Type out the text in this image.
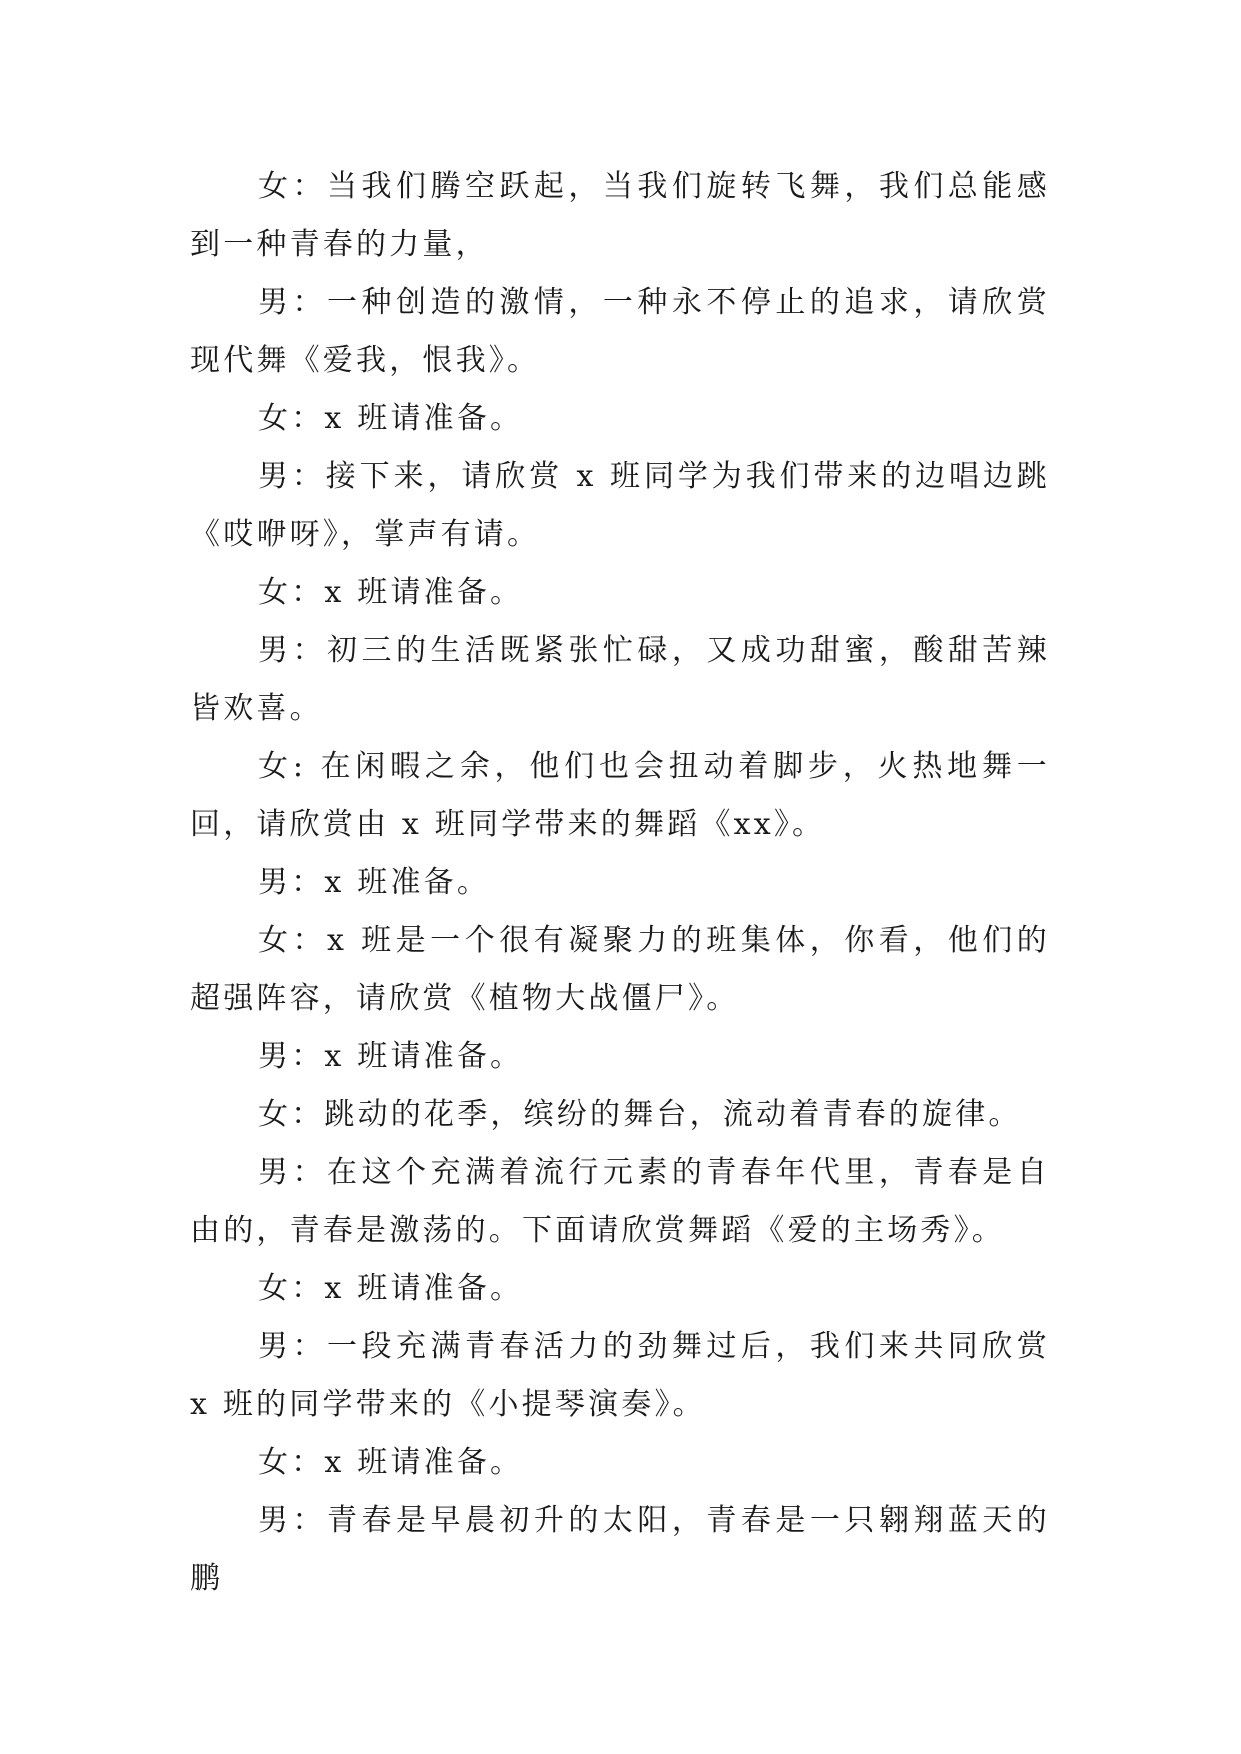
女：当我们腾空跃起，当我们旋转飞舞，我们总能感到一种青春的力量，

男：一种创造的激情，一种永不停止的追求，请欣赏现代舞《爱我，恨我》。

女：x 班请准备。

男：接下来，请欣赏 x 班同学为我们带来的边唱边跳《哎咿呀》，掌声有请。

女：x 班请准备。

男：初三的生活既紧张忙碌，又成功甜蜜，酸甜苦辣皆欢喜。

女: 在闲暇之余，他们也会扭动着脚步，火热地舞一回，请欣赏由 x 班同学带来的舞蹈《xx》。

男：x 班准备。

女：x 班是一个很有凝聚力的班集体，你看，他们的超强阵容，请欣赏《植物大战僵尸》。

男：x 班请准备。

女：跳动的花季，缤纷的舞台，流动着青春的旋律。

男：在这个充满着流行元素的青春年代里，青春是自由的，青春是激荡的。下面请欣赏舞蹈《爱的主场秀》。

女：x 班请准备。

男：一段充满青春活力的劲舞过后，我们来共同欣赏 x 班的同学带来的《小提琴演奏》。

女：x 班请准备。

男：青春是早晨初升的太阳，青春是一只翱翔蓝天的鹏
